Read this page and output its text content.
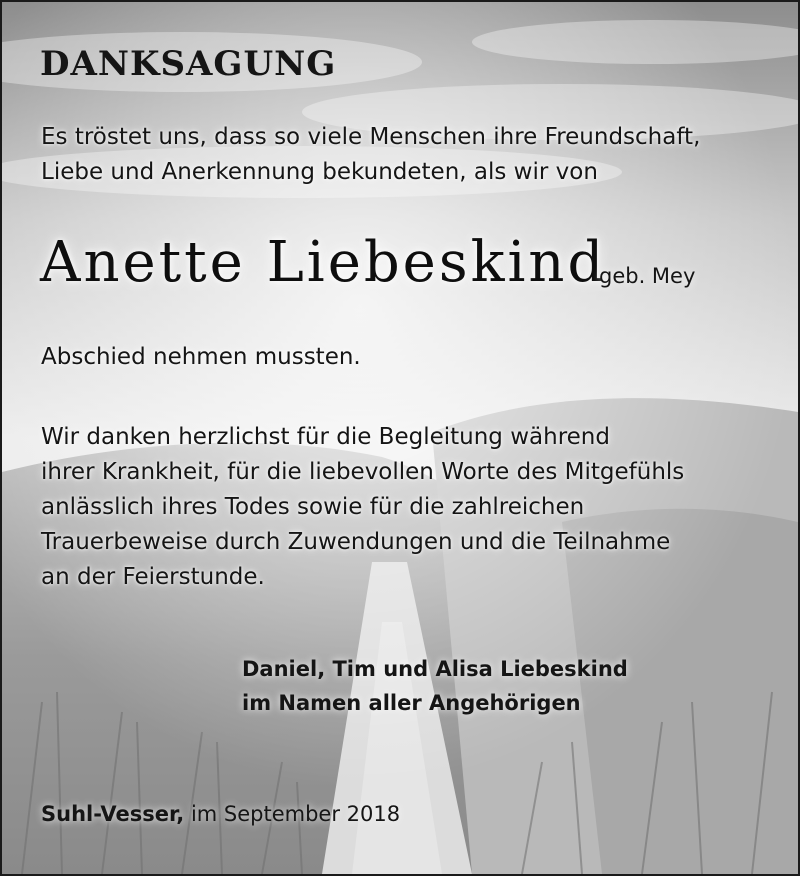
DANKSAGUNG

Es tröstet uns, dass so viele Menschen ihre Freundschaft,
Liebe und Anerkennung bekundeten, als wir von

Anette Liebeskind
geb. Mey

Abschied nehmen mussten.

Wir danken herzlichst für die Begleitung während
ihrer Krankheit, für die liebevollen Worte des Mitgefühls
anlässlich ihres Todes sowie für die zahlreichen
Trauerbeweise durch Zuwendungen und die Teilnahme
an der Feierstunde.

Daniel, Tim und Alisa Liebeskind
im Namen aller Angehörigen

Suhl-Vesser, im September 2018
